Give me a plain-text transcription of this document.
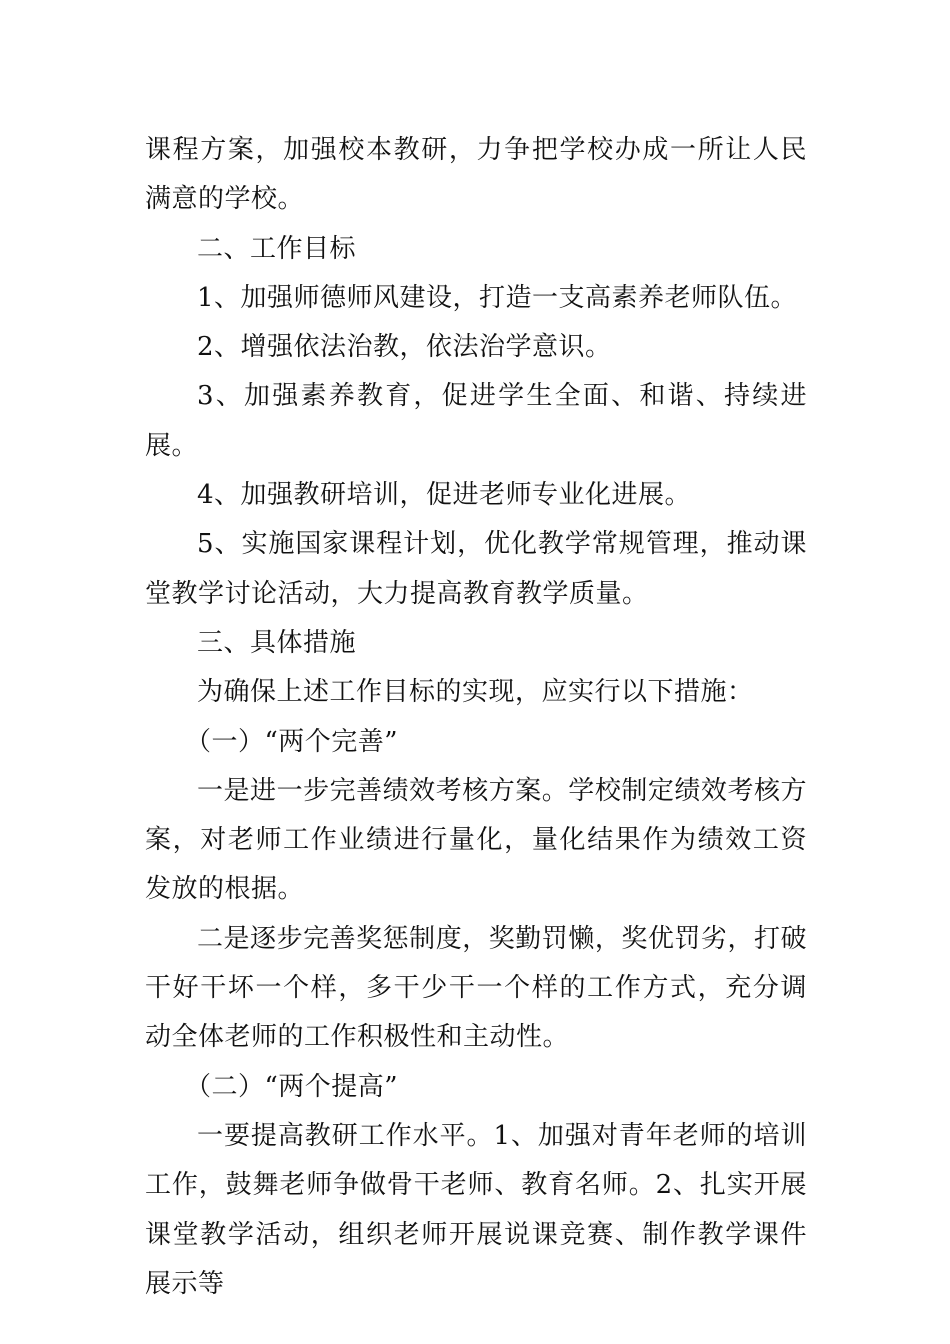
课程方案，加强校本教研，力争把学校办成一所让人民满意的学校。

二、工作目标

1、加强师德师风建设，打造一支高素养老师队伍。

2、增强依法治教，依法治学意识。

3、加强素养教育，促进学生全面、和谐、持续进展。

4、加强教研培训，促进老师专业化进展。

5、实施国家课程计划，优化教学常规管理，推动课堂教学讨论活动，大力提高教育教学质量。

三、具体措施

为确保上述工作目标的实现，应实行以下措施：

（一）“两个完善”

一是进一步完善绩效考核方案。学校制定绩效考核方案，对老师工作业绩进行量化，量化结果作为绩效工资发放的根据。

二是逐步完善奖惩制度，奖勤罚懒，奖优罚劣，打破干好干坏一个样，多干少干一个样的工作方式，充分调动全体老师的工作积极性和主动性。

（二）“两个提高”

一要提高教研工作水平。1、加强对青年老师的培训工作，鼓舞老师争做骨干老师、教育名师。2、扎实开展课堂教学活动，组织老师开展说课竞赛、制作教学课件展示等
